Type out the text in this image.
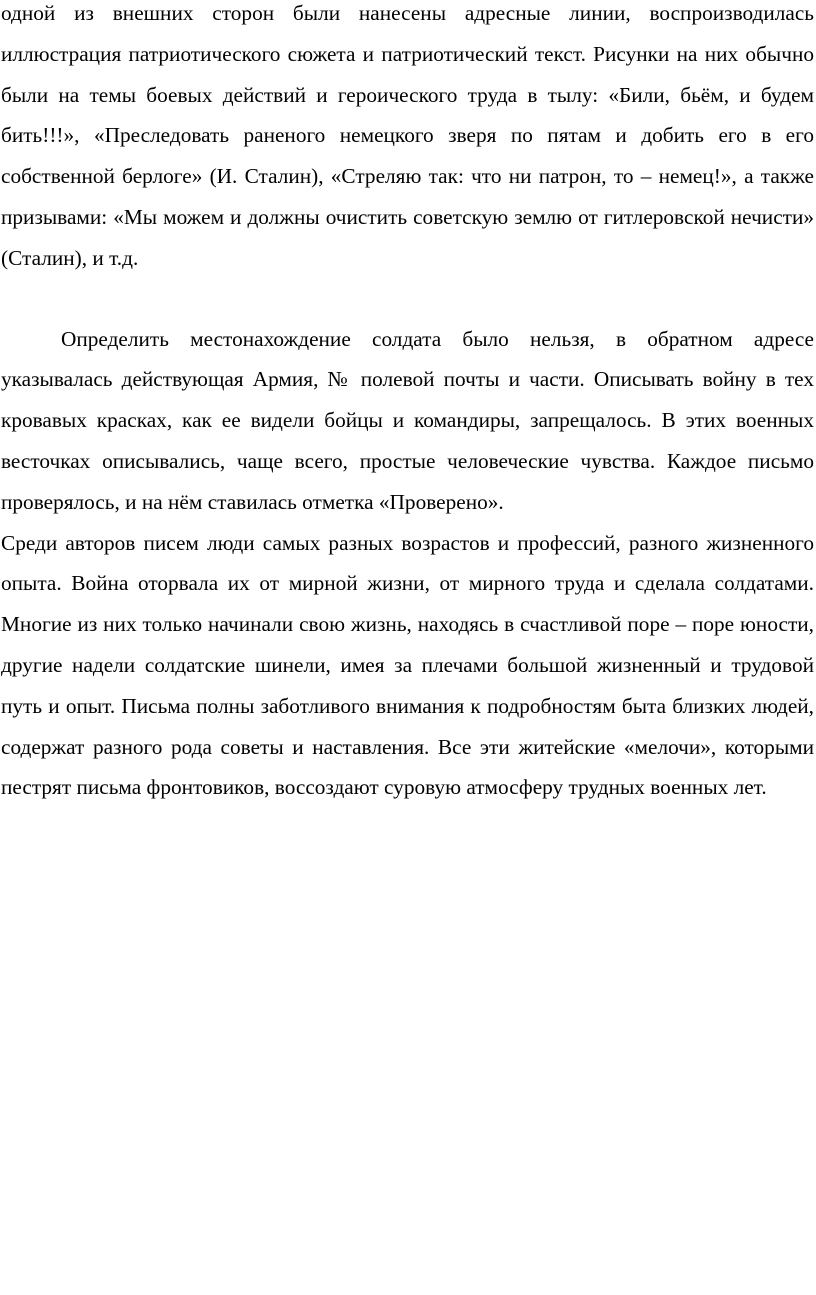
одной из внешних сторон были нанесены адресные линии, воспроизводилась иллюстрация патриотического сюжета и патриотический текст. Рисунки на них обычно были на темы боевых действий и героического труда в тылу: «Били, бьём, и будем бить!!!», «Преследовать раненого немецкого зверя по пятам и добить его в его собственной берлоге» (И. Сталин), «Стреляю так: что ни патрон, то – немец!», а также призывами: «Мы можем и должны очистить советскую землю от гитлеровской нечисти» (Сталин), и т.д.

Определить местонахождение солдата было нельзя, в обратном адресе указывалась действующая Армия, № полевой почты и части. Описывать войну в тех кровавых красках, как ее видели бойцы и командиры, запрещалось. В этих военных весточках описывались, чаще всего, простые человеческие чувства. Каждое письмо проверялось, и на нём ставилась отметка «Проверено».

Среди авторов писем люди самых разных возрастов и профессий, разного жизненного опыта. Война оторвала их от мирной жизни, от мирного труда и сделала солдатами. Многие из них только начинали свою жизнь, находясь в счастливой поре – поре юности, другие надели солдатские шинели, имея за плечами большой жизненный и трудовой путь и опыт. Письма полны заботливого внимания к подробностям быта близких людей, содержат разного рода советы и наставления. Все эти житейские «мелочи», которыми пестрят письма фронтовиков, воссоздают суровую атмосферу трудных военных лет.
